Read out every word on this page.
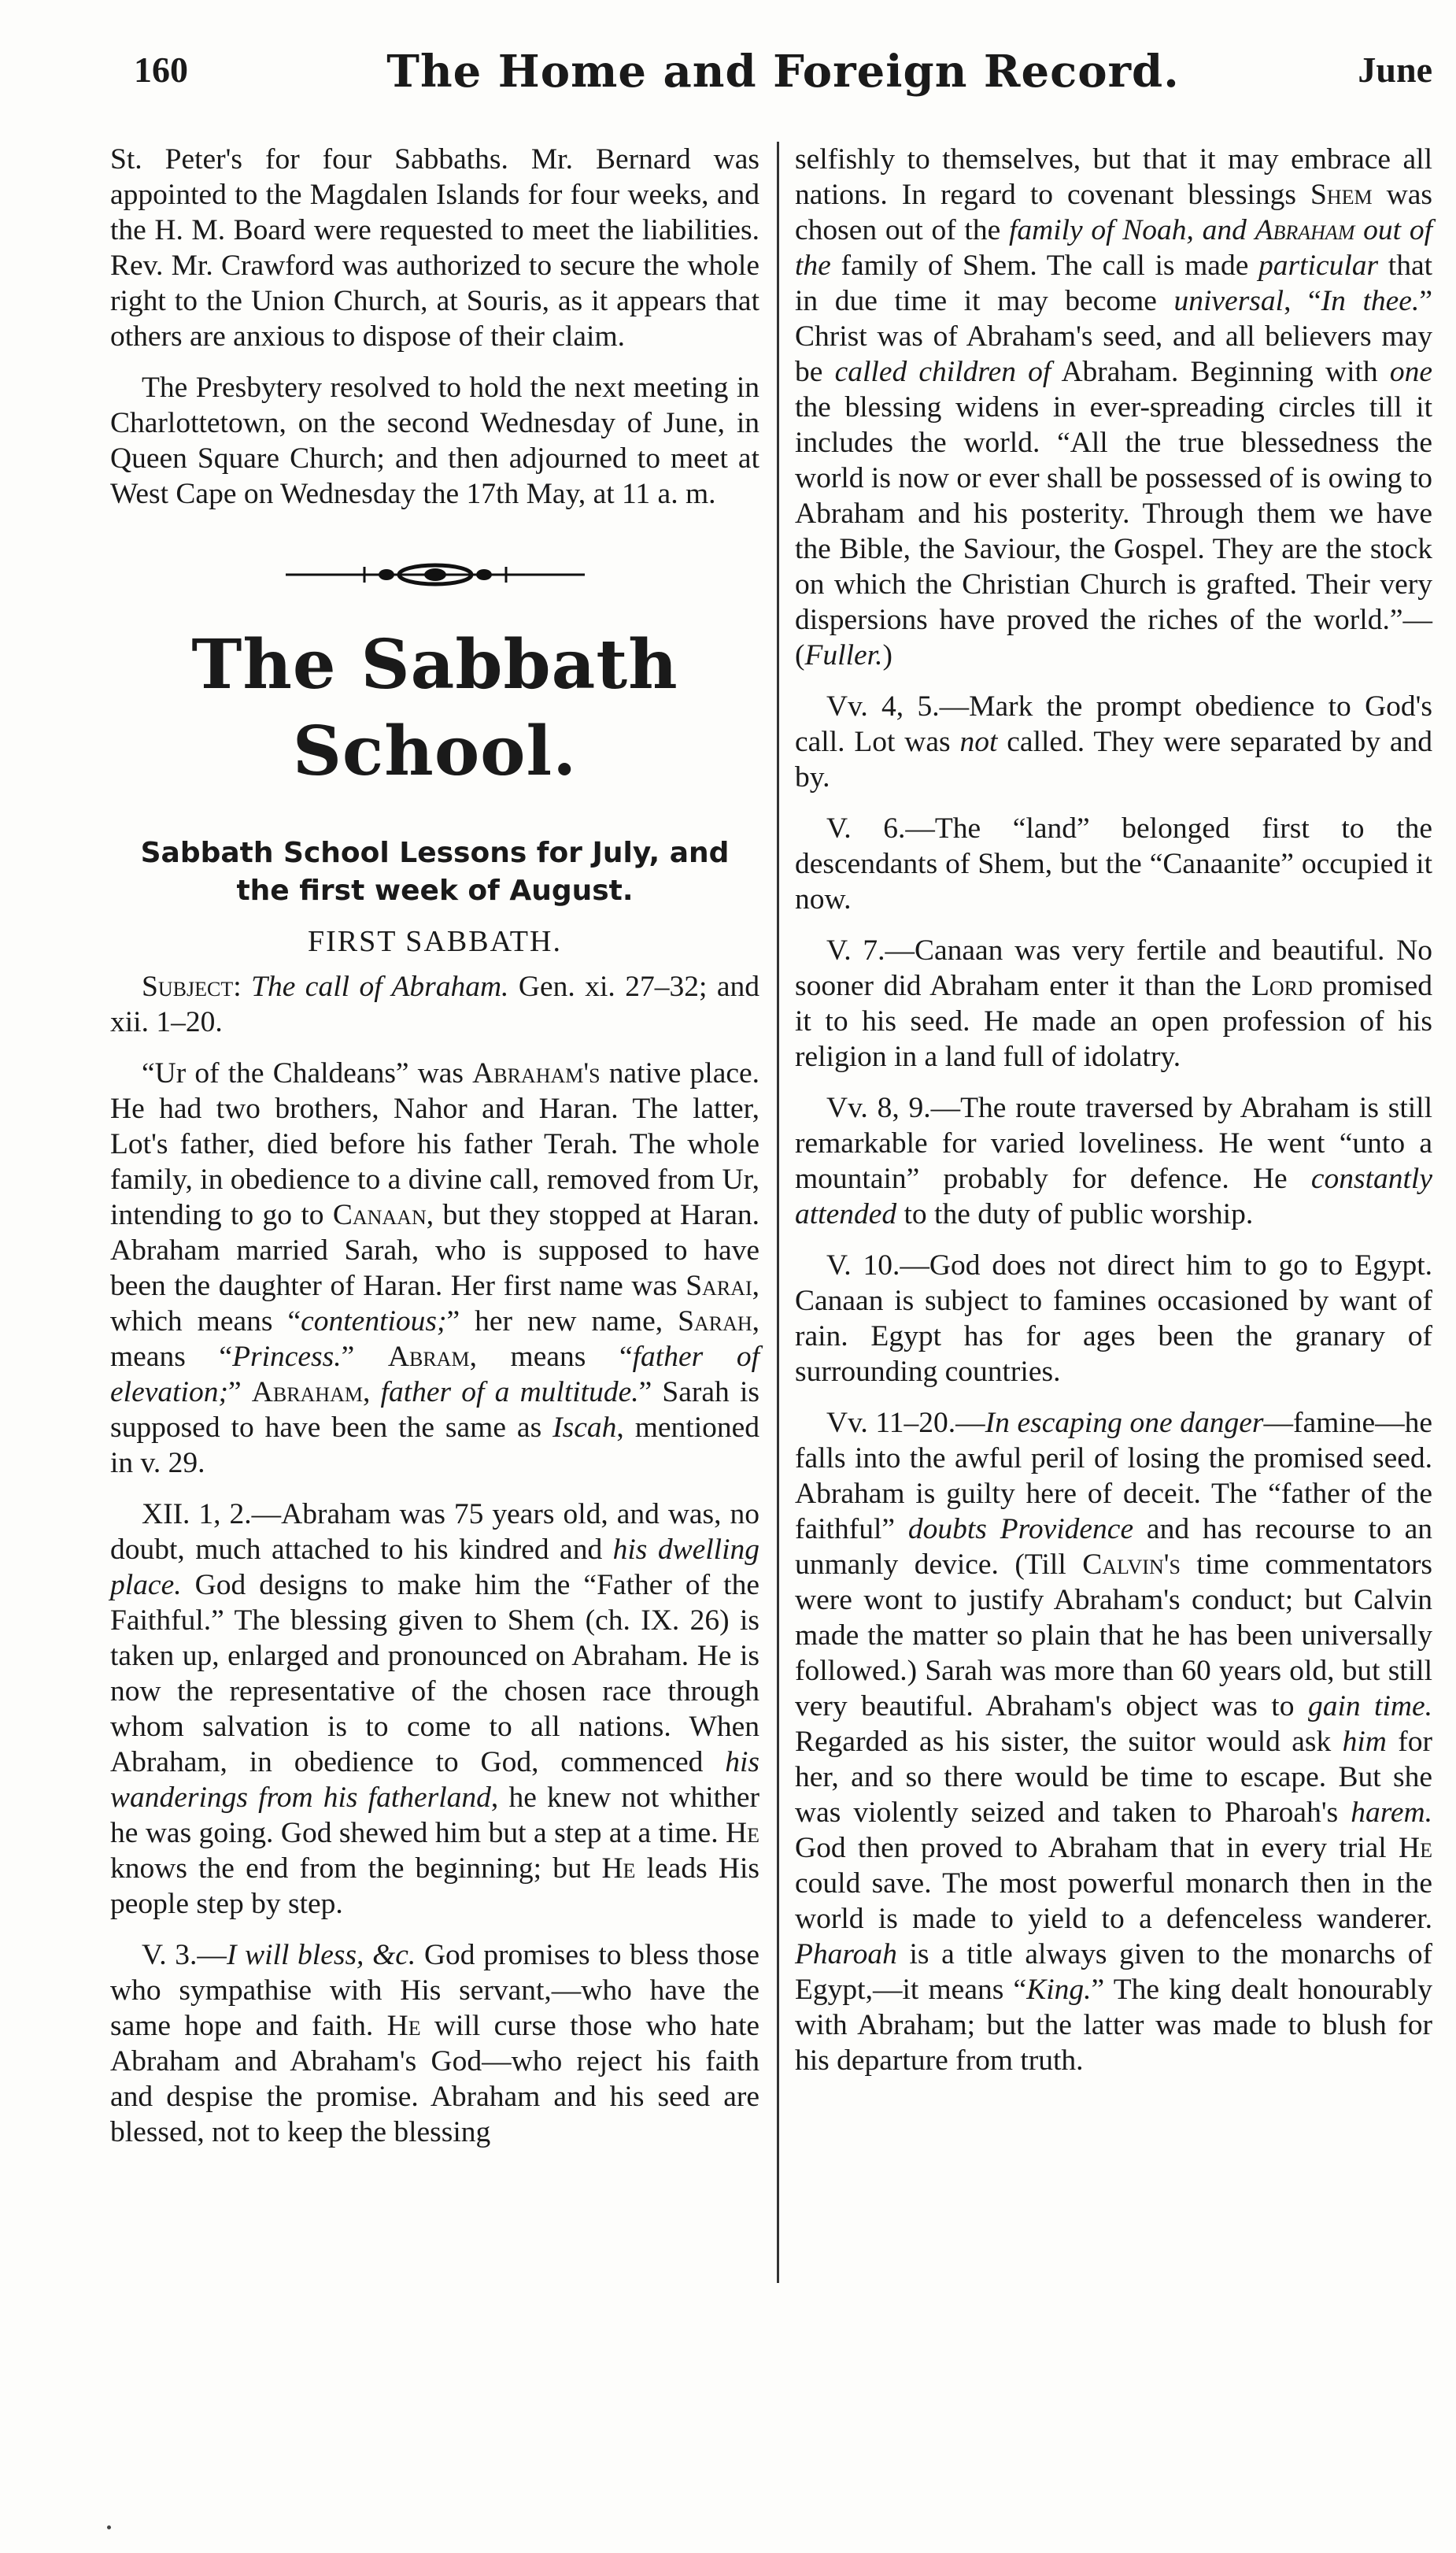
160	The Home and Foreign Record.	June

St. Peter's for four Sabbaths. Mr. Bernard was appointed to the Magdalen Islands for four weeks, and the H. M. Board were requested to meet the liabilities. Rev. Mr. Crawford was authorized to secure the whole right to the Union Church, at Souris, as it appears that others are anxious to dispose of their claim.

The Presbytery resolved to hold the next meeting in Charlottetown, on the second Wednesday of June, in Queen Square Church; and then adjourned to meet at West Cape on Wednesday the 17th May, at 11 a. m.

The Sabbath School.
Sabbath School Lessons for July, and the first week of August.
FIRST SABBATH.

Subject: The call of Abraham. Gen. xi. 27–32; and xii. 1–20.

“Ur of the Chaldeans” was Abraham's native place. He had two brothers, Nahor and Haran. The latter, Lot's father, died before his father Terah. The whole family, in obedience to a divine call, removed from Ur, intending to go to Canaan, but they stopped at Haran. Abraham married Sarah, who is supposed to have been the daughter of Haran. Her first name was Sarai, which means “contentious;” her new name, Sarah, means “Princess.” Abram, means “father of elevation;” Abraham, father of a multitude.” Sarah is supposed to have been the same as Iscah, mentioned in v. 29.

XII. 1, 2.—Abraham was 75 years old, and was, no doubt, much attached to his kindred and his dwelling place. God designs to make him the “Father of the Faithful.” The blessing given to Shem (ch. IX. 26) is taken up, enlarged and pronounced on Abraham. He is now the representative of the chosen race through whom salvation is to come to all nations. When Abraham, in obedience to God, commenced his wanderings from his fatherland, he knew not whither he was going. God shewed him but a step at a time. He knows the end from the beginning; but He leads His people step by step.

V. 3.—I will bless, &c. God promises to bless those who sympathise with His servant,—who have the same hope and faith. He will curse those who hate Abraham and Abraham's God—who reject his faith and despise the promise. Abraham and his seed are blessed, not to keep the blessing

selfishly to themselves, but that it may embrace all nations. In regard to covenant blessings Shem was chosen out of the family of Noah, and Abraham out of the family of Shem. The call is made particular that in due time it may become universal, “In thee.” Christ was of Abraham's seed, and all believers may be called children of Abraham. Beginning with one the blessing widens in ever-spreading circles till it includes the world. “All the true blessedness the world is now or ever shall be possessed of is owing to Abraham and his posterity. Through them we have the Bible, the Saviour, the Gospel. They are the stock on which the Christian Church is grafted. Their very dispersions have proved the riches of the world.”—(Fuller.)

Vv. 4, 5.—Mark the prompt obedience to God's call. Lot was not called. They were separated by and by.

V. 6.—The “land” belonged first to the descendants of Shem, but the “Canaanite” occupied it now.

V. 7.—Canaan was very fertile and beautiful. No sooner did Abraham enter it than the Lord promised it to his seed. He made an open profession of his religion in a land full of idolatry.

Vv. 8, 9.—The route traversed by Abraham is still remarkable for varied loveliness. He went “unto a mountain” probably for defence. He constantly attended to the duty of public worship.

V. 10.—God does not direct him to go to Egypt. Canaan is subject to famines occasioned by want of rain. Egypt has for ages been the granary of surrounding countries.

Vv. 11–20.—In escaping one danger—famine—he falls into the awful peril of losing the promised seed. Abraham is guilty here of deceit. The “father of the faithful” doubts Providence and has recourse to an unmanly device. (Till Calvin's time commentators were wont to justify Abraham's conduct; but Calvin made the matter so plain that he has been universally followed.) Sarah was more than 60 years old, but still very beautiful. Abraham's object was to gain time. Regarded as his sister, the suitor would ask him for her, and so there would be time to escape. But she was violently seized and taken to Pharoah's harem. God then proved to Abraham that in every trial He could save. The most powerful monarch then in the world is made to yield to a defenceless wanderer. Pharoah is a title always given to the monarchs of Egypt,—it means “King.” The king dealt honourably with Abraham; but the latter was made to blush for his departure from truth.
